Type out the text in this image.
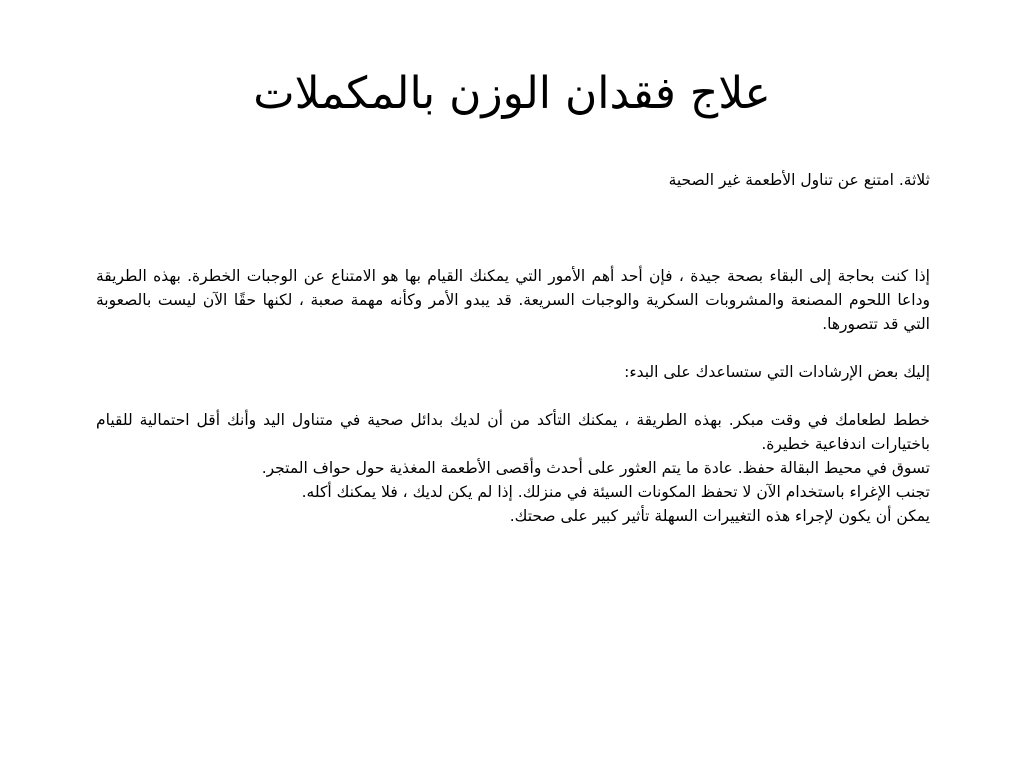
علاج فقدان الوزن بالمكملات

ثلاثة. امتنع عن تناول الأطعمة غير الصحية

إذا كنت بحاجة إلى البقاء بصحة جيدة ، فإن أحد أهم الأمور التي يمكنك القيام بها هو الامتناع عن الوجبات الخطرة. بهذه الطريقة وداعا اللحوم المصنعة والمشروبات السكرية والوجبات السريعة. قد يبدو الأمر وكأنه مهمة صعبة ، لكنها حقًا الآن ليست بالصعوبة التي قد تتصورها.

إليك بعض الإرشادات التي ستساعدك على البدء:

خطط لطعامك في وقت مبكر. بهذه الطريقة ، يمكنك التأكد من أن لديك بدائل صحية في متناول اليد وأنك أقل احتمالية للقيام باختيارات اندفاعية خطيرة.

تسوق في محيط البقالة حفظ. عادة ما يتم العثور على أحدث وأقصى الأطعمة المغذية حول حواف المتجر.

تجنب الإغراء باستخدام الآن لا تحفظ المكونات السيئة في منزلك. إذا لم يكن لديك ، فلا يمكنك أكله.

يمكن أن يكون لإجراء هذه التغييرات السهلة تأثير كبير على صحتك.
